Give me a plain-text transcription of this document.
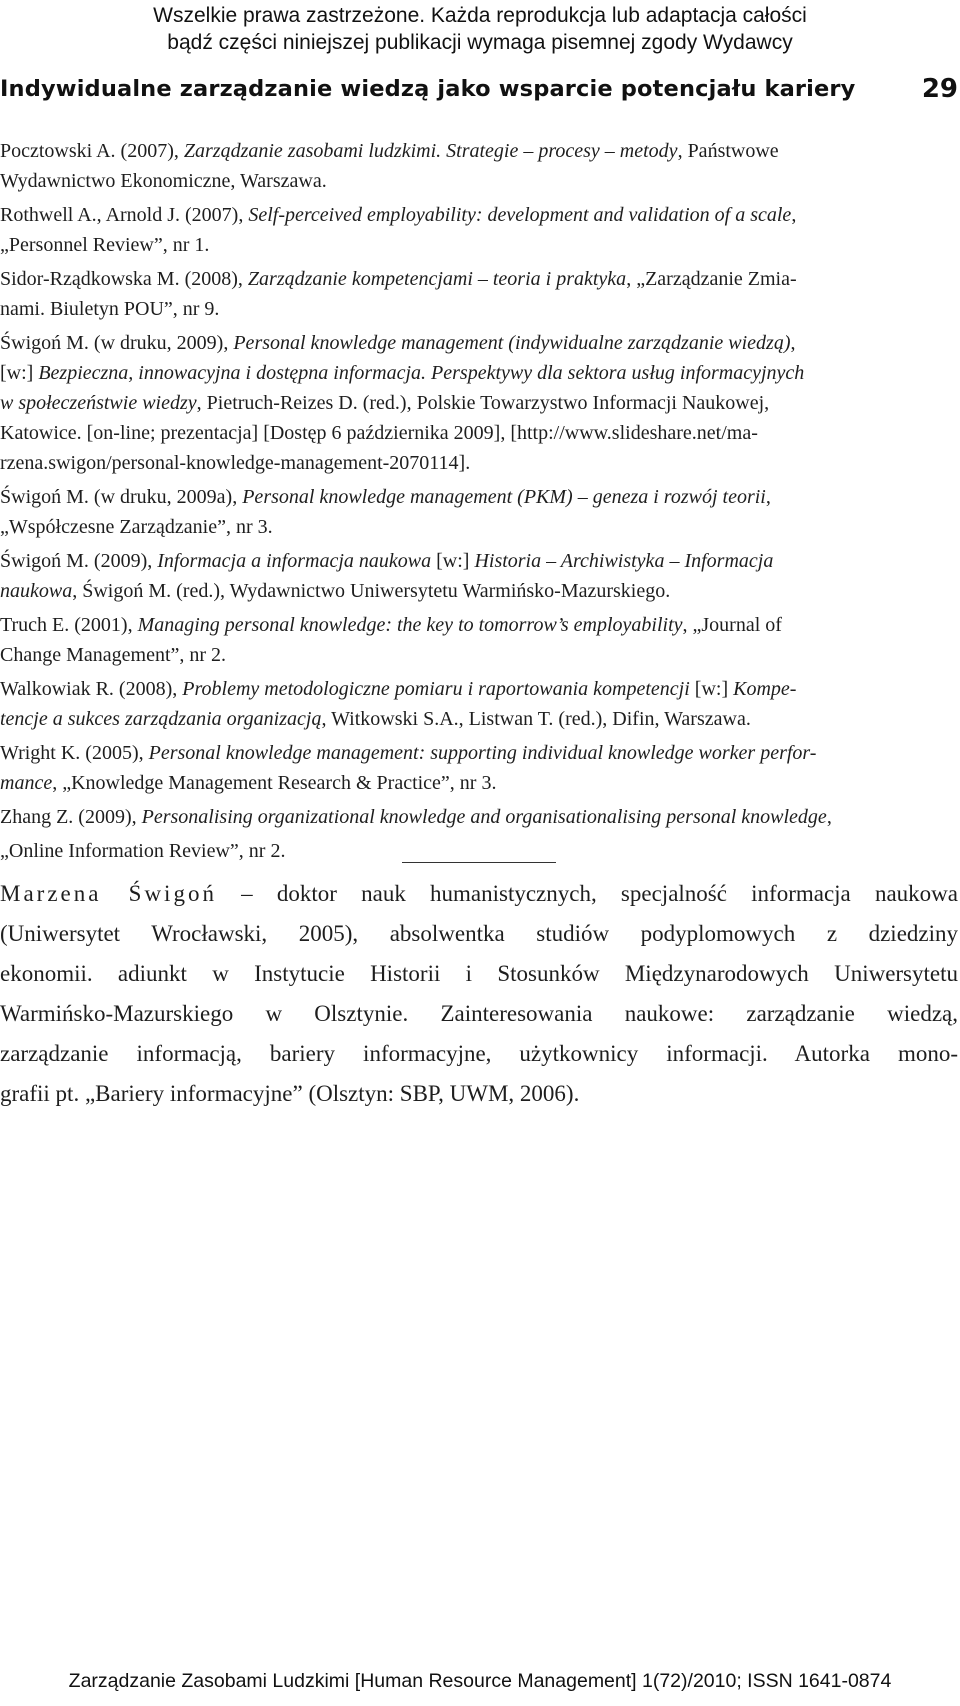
Wszelkie prawa zastrzeżone. Każda reprodukcja lub adaptacja całości
bądź części niniejszej publikacji wymaga pisemnej zgody Wydawcy
Indywidualne zarządzanie wiedzą jako wsparcie potencjału kariery	29
Pocztowski A. (2007), Zarządzanie zasobami ludzkimi. Strategie – procesy – metody, Państwowe
Wydawnictwo Ekonomiczne, Warszawa.
Rothwell A., Arnold J. (2007), Self-perceived employability: development and validation of a scale,
„Personnel Review”, nr 1.
Sidor-Rządkowska M. (2008), Zarządzanie kompetencjami – teoria i praktyka, „Zarządzanie Zmia-
nami. Biuletyn POU”, nr 9.
Świgoń M. (w druku, 2009), Personal knowledge management (indywidualne zarządzanie wiedzą),
[w:] Bezpieczna, innowacyjna i dostępna informacja. Perspektywy dla sektora usług informacyjnych
w społeczeństwie wiedzy, Pietruch-Reizes D. (red.), Polskie Towarzystwo Informacji Naukowej,
Katowice. [on-line; prezentacja] [Dostęp 6 października 2009], [http://www.slideshare.net/ma-
rzena.swigon/personal-knowledge-management-2070114].
Świgoń M. (w druku, 2009a), Personal knowledge management (PKM) – geneza i rozwój teorii,
„Współczesne Zarządzanie”, nr 3.
Świgoń M. (2009), Informacja a informacja naukowa [w:] Historia – Archiwistyka – Informacja
naukowa, Świgoń M. (red.), Wydawnictwo Uniwersytetu Warmińsko-Mazurskiego.
Truch E. (2001), Managing personal knowledge: the key to tomorrow’s employability, „Journal of
Change Management”, nr 2.
Walkowiak R. (2008), Problemy metodologiczne pomiaru i raportowania kompetencji [w:] Kompe-
tencje a sukces zarządzania organizacją, Witkowski S.A., Listwan T. (red.), Difin, Warszawa.
Wright K. (2005), Personal knowledge management: supporting individual knowledge worker perfor-
mance, „Knowledge Management Research & Practice”, nr 3.
Zhang Z. (2009), Personalising organizational knowledge and organisationalising personal knowledge,
„Online Information Review”, nr 2.
Marzena Świgoń – doktor nauk humanistycznych, specjalność informacja naukowa
(Uniwersytet Wrocławski, 2005), absolwentka studiów podyplomowych z dziedziny
ekonomii. adiunkt w Instytucie Historii i Stosunków Międzynarodowych Uniwersytetu
Warmińsko-Mazurskiego w Olsztynie. Zainteresowania naukowe: zarządzanie wiedzą,
zarządzanie informacją, bariery informacyjne, użytkownicy informacji. Autorka mono-
grafii pt. „Bariery informacyjne” (Olsztyn: SBP, UWM, 2006).
Zarządzanie Zasobami Ludzkimi [Human Resource Management] 1(72)/2010; ISSN 1641-0874
